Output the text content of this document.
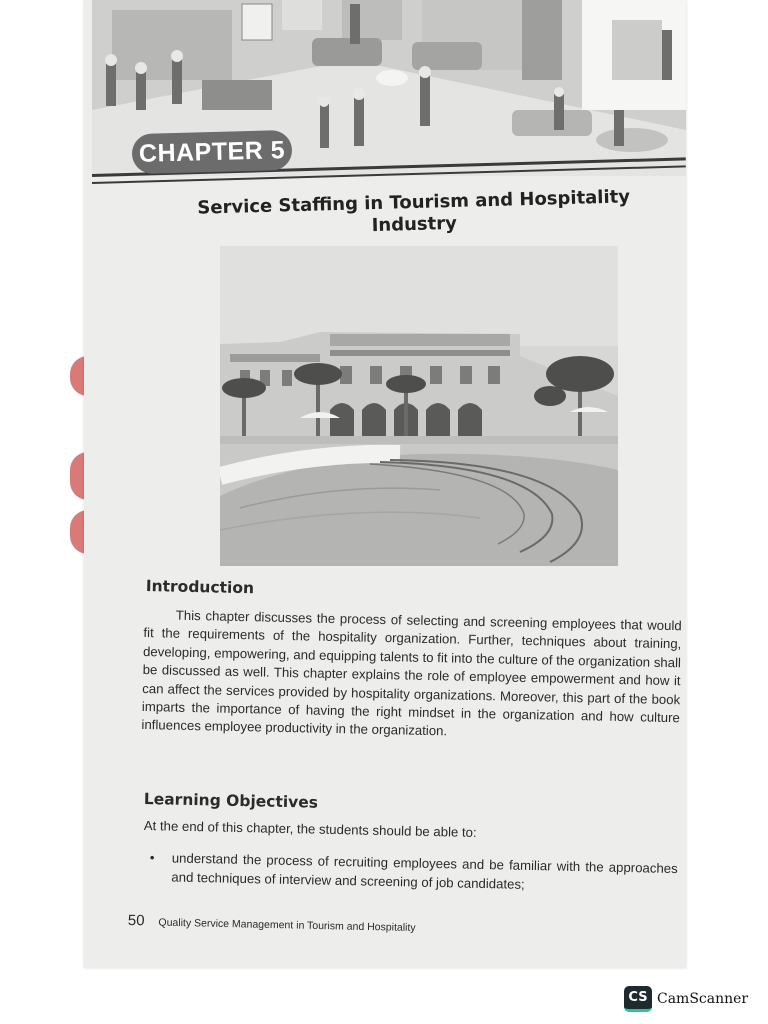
CHAPTER 5
Service Staffing in Tourism and Hospitality Industry
Introduction
This chapter discusses the process of selecting and screening employees that would fit the requirements of the hospitality organization. Further, techniques about training, developing, empowering, and equipping talents to fit into the culture of the organization shall be discussed as well. This chapter explains the role of employee empowerment and how it can affect the services provided by hospitality organizations. Moreover, this part of the book imparts the importance of having the right mindset in the organization and how culture influences employee productivity in the organization.
Learning Objectives
At the end of this chapter, the students should be able to:
•	understand the process of recruiting employees and be familiar with the approaches and techniques of interview and screening of job candidates;
50 Quality Service Management in Tourism and Hospitality
CS CamScanner
